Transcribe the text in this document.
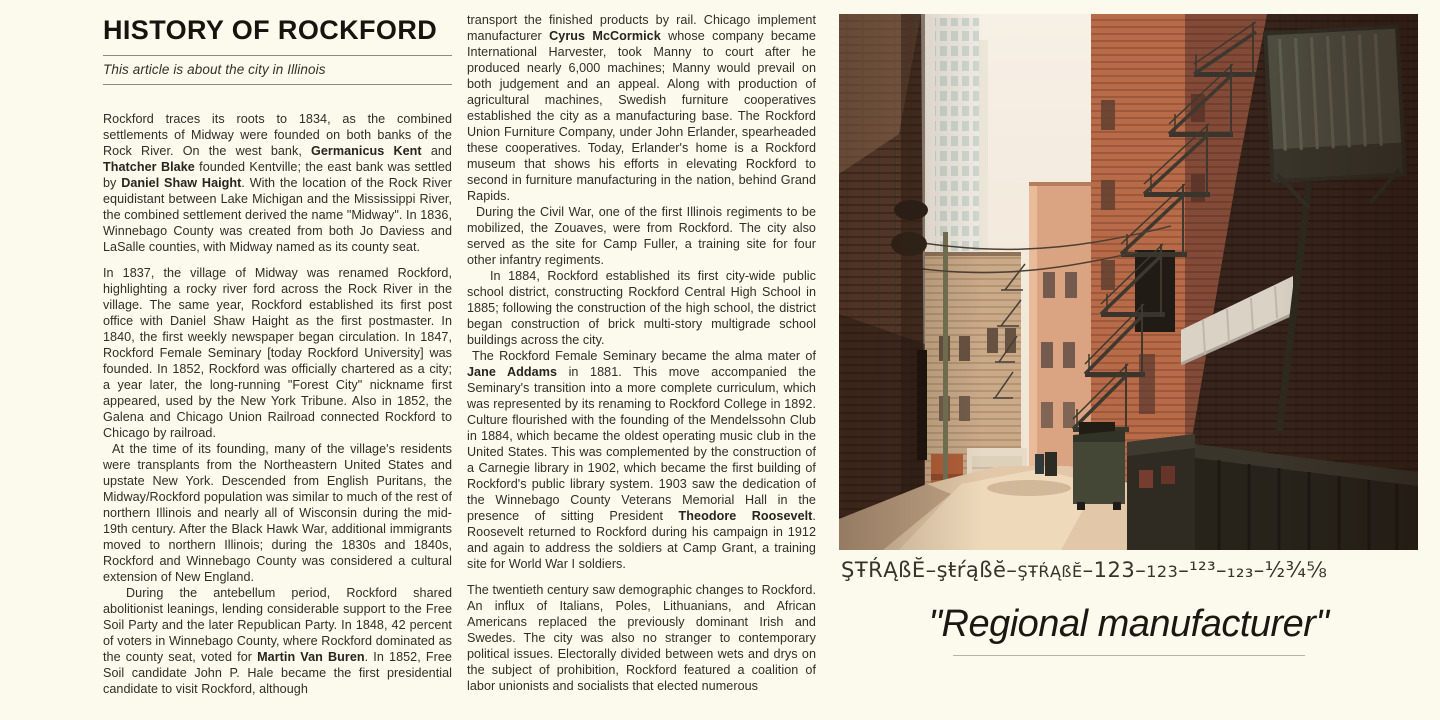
HISTORY OF ROCKFORD

This article is about the city in Illinois

Rockford traces its roots to 1834, as the combined settlements of Midway were founded on both banks of the Rock River. On the west bank, Germanicus Kent and Thatcher Blake founded Kentville; the east bank was settled by Daniel Shaw Haight. With the location of the Rock River equidistant between Lake Michigan and the Mississippi River, the combined settlement derived the name "Midway". In 1836, Winnebago County was created from both Jo Daviess and LaSalle counties, with Midway named as its county seat.

In 1837, the village of Midway was renamed Rockford, highlighting a rocky river ford across the Rock River in the village. The same year, Rockford established its first post office with Daniel Shaw Haight as the first postmaster. In 1840, the first weekly newspaper began circulation. In 1847, Rockford Female Seminary [today Rockford University] was founded. In 1852, Rockford was officially chartered as a city; a year later, the long-running "Forest City" nickname first appeared, used by the New York Tribune. Also in 1852, the Galena and Chicago Union Railroad connected Rockford to Chicago by railroad.

At the time of its founding, many of the village's residents were transplants from the Northeastern United States and upstate New York. Descended from English Puritans, the Midway/Rockford population was similar to much of the rest of northern Illinois and nearly all of Wisconsin during the mid-19th century. After the Black Hawk War, additional immigrants moved to northern Illinois; during the 1830s and 1840s, Rockford and Winnebago County was considered a cultural extension of New England.

During the antebellum period, Rockford shared abolitionist leanings, lending considerable support to the Free Soil Party and the later Republican Party. In 1848, 42 percent of voters in Winnebago County, where Rockford dominated as the county seat, voted for Martin Van Buren. In 1852, Free Soil candidate John P. Hale became the first presidential candidate to visit Rockford, although

transport the finished products by rail. Chicago implement manufacturer Cyrus McCormick whose company became International Harvester, took Manny to court after he produced nearly 6,000 machines; Manny would prevail on both judgement and an appeal. Along with production of agricultural machines, Swedish furniture cooperatives established the city as a manufacturing base. The Rockford Union Furniture Company, under John Erlander, spearheaded these cooperatives. Today, Erlander's home is a Rockford museum that shows his efforts in elevating Rockford to second in furniture manufacturing in the nation, behind Grand Rapids.

During the Civil War, one of the first Illinois regiments to be mobilized, the Zouaves, were from Rockford. The city also served as the site for Camp Fuller, a training site for four other infantry regiments.

In 1884, Rockford established its first city-wide public school district, constructing Rockford Central High School in 1885; following the construction of the high school, the district began construction of brick multi-story multigrade school buildings across the city.

The Rockford Female Seminary became the alma mater of Jane Addams in 1881. This move accompanied the Seminary's transition into a more complete curriculum, which was represented by its renaming to Rockford College in 1892. Culture flourished with the founding of the Mendelssohn Club in 1884, which became the oldest operating music club in the United States. This was complemented by the construction of a Carnegie library in 1902, which became the first building of Rockford's public library system. 1903 saw the dedication of the Winnebago County Veterans Memorial Hall in the presence of sitting President Theodore Roosevelt. Roosevelt returned to Rockford during his campaign in 1912 and again to address the soldiers at Camp Grant, a training site for World War I soldiers.

The twentieth century saw demographic changes to Rockford. An influx of Italians, Poles, Lithuanians, and African Americans replaced the previously dominant Irish and Swedes. The city was also no stranger to contemporary political issues. Electorally divided between wets and drys on the subject of prohibition, Rockford featured a coalition of labor unionists and socialists that elected numerous

ŞŦŔĄßĔ–şŧŕąßĕ–ŞŦŔĄßĔ–123–123–¹²³–₁₂₃–½¾⅝
"Regional manufacturer"
